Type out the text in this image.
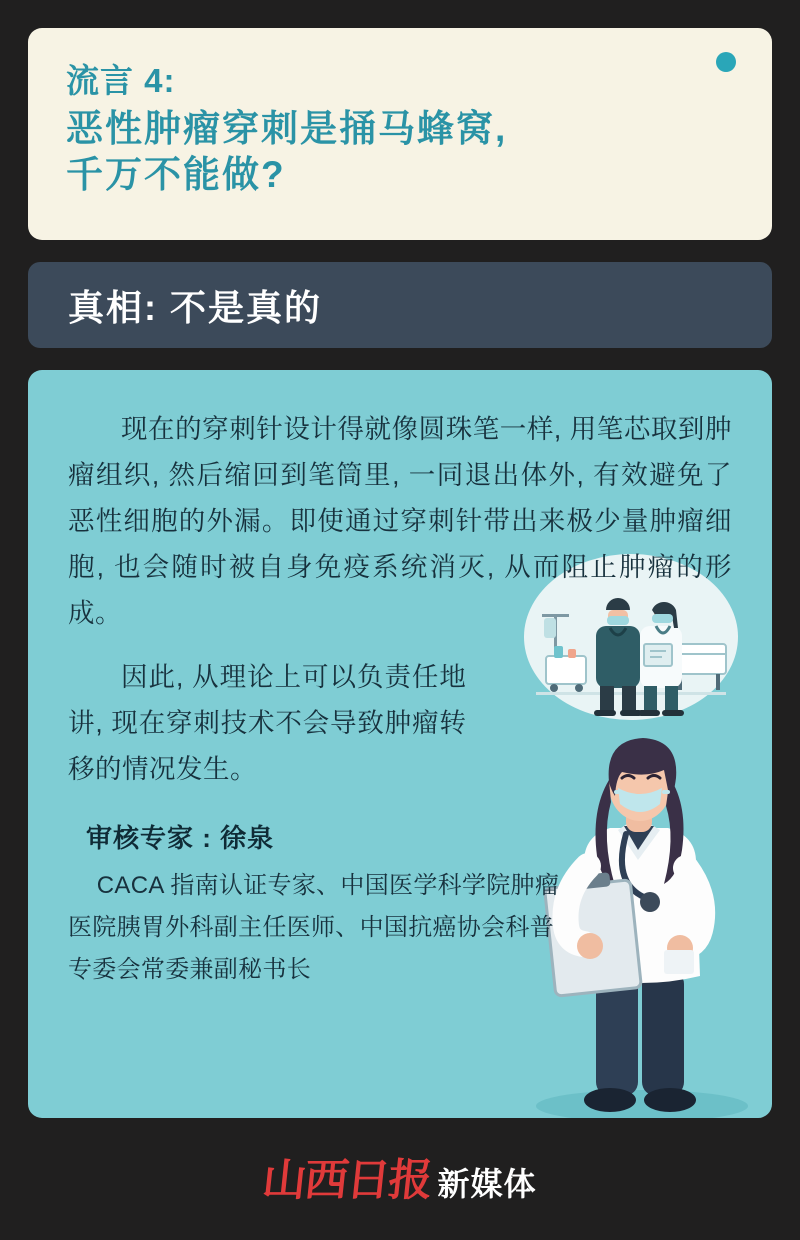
流言 4:
恶性肿瘤穿刺是捅马蜂窝,
千万不能做?
真相: 不是真的

现在的穿刺针设计得就像圆珠笔一样, 用笔芯取到肿瘤组织, 然后缩回到笔筒里, 一同退出体外, 有效避免了恶性细胞的外漏。即使通过穿刺针带出来极少量肿瘤细胞, 也会随时被自身免疫系统消灭, 从而阻止肿瘤的形成。

因此, 从理论上可以负责任地讲, 现在穿刺技术不会导致肿瘤转移的情况发生。

审核专家 : 徐泉
CACA 指南认证专家、中国医学科学院肿瘤医院胰胃外科副主任医师、中国抗癌协会科普专委会常委兼副秘书长
山西日报 新媒体
